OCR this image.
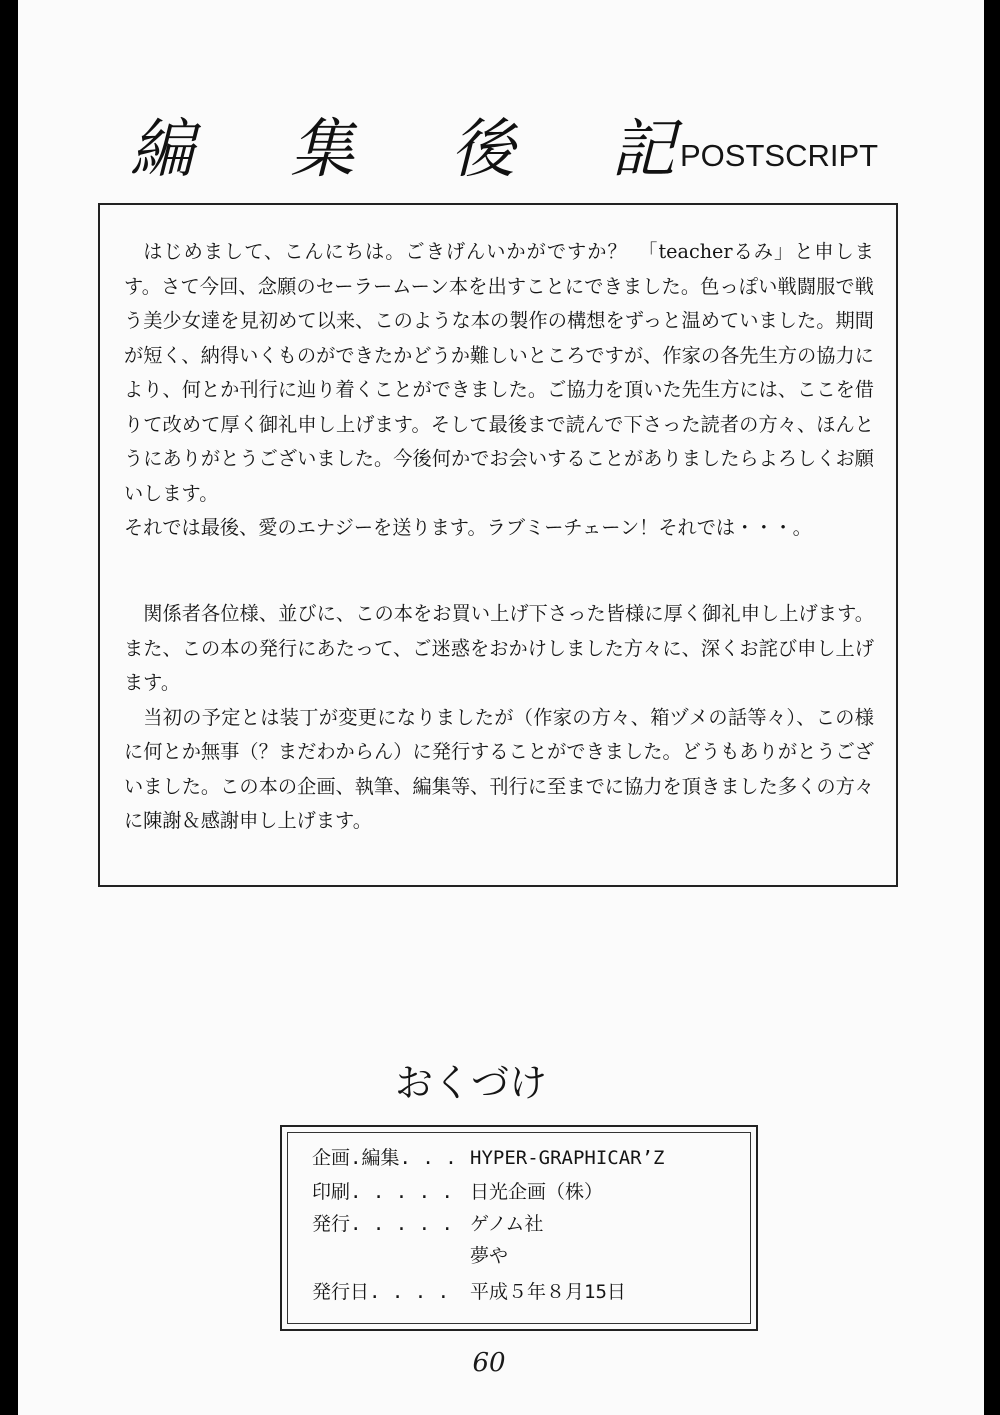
編 集 後 記
POSTSCRIPT
はじめまして、こんにちは。ごきげんいかがですか？　「teacherるみ」と申します。さて今回、念願のセーラームーン本を出すことにできました。色っぽい戦闘服で戦う美少女達を見初めて以来、このような本の製作の構想をずっと温めていました。期間が短く、納得いくものができたかどうか難しいところですが、作家の各先生方の協力により、何とか刊行に辿り着くことができました。ご協力を頂いた先生方には、ここを借りて改めて厚く御礼申し上げます。そして最後まで読んで下さった読者の方々、ほんとうにありがとうございました。今後何かでお会いすることがありましたらよろしくお願いします。
それでは最後、愛のエナジーを送ります。ラブミーチェーン！それでは・・・。
関係者各位様、並びに、この本をお買い上げ下さった皆様に厚く御礼申し上げます。また、この本の発行にあたって、ご迷惑をおかけしました方々に、深くお詫び申し上げます。
当初の予定とは装丁が変更になりましたが（作家の方々、箱ヅメの話等々）、この様に何とか無事（？まだわからん）に発行することができました。どうもありがとうございました。この本の企画、執筆、編集等、刊行に至までに協力を頂きました多くの方々に陳謝＆感謝申し上げます。
おくづけ
企画.編集. . . HYPER-GRAPHICAR’Z
印刷. . . . . 日光企画（株）
発行. . . . . ゲノム社
夢や
発行日. . . . 平成５年８月15日
60
